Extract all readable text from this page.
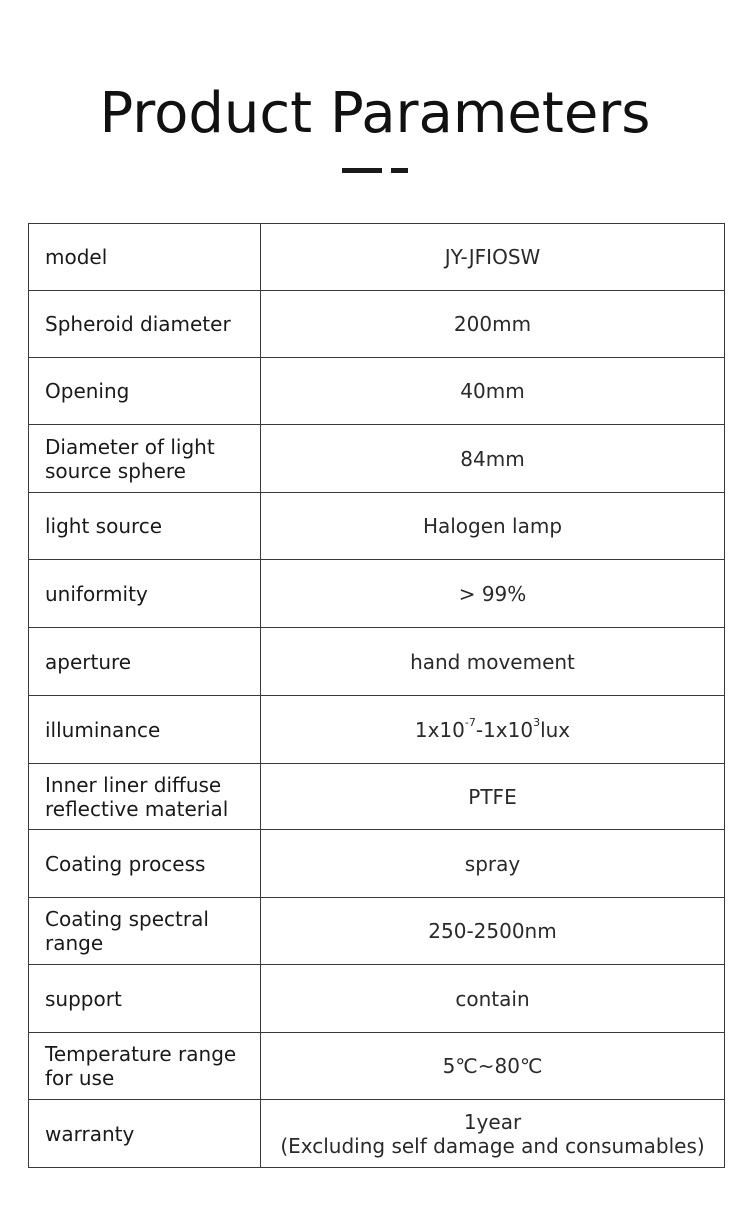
Product Parameters
model	JY-JFIOSW
Spheroid diameter	200mm
Opening	40mm
Diameter of light source sphere	84mm
light source	Halogen lamp
uniformity	> 99%
aperture	hand movement
illuminance	$1x10^{-7}-1x10^3lux$
Inner liner diffuse reflective material	PTFE
Coating process	spray
Coating spectral range	250-2500nm
support	contain
Temperature range for use	5℃~80℃
warranty	1year
(Excluding self damage and consumables)
